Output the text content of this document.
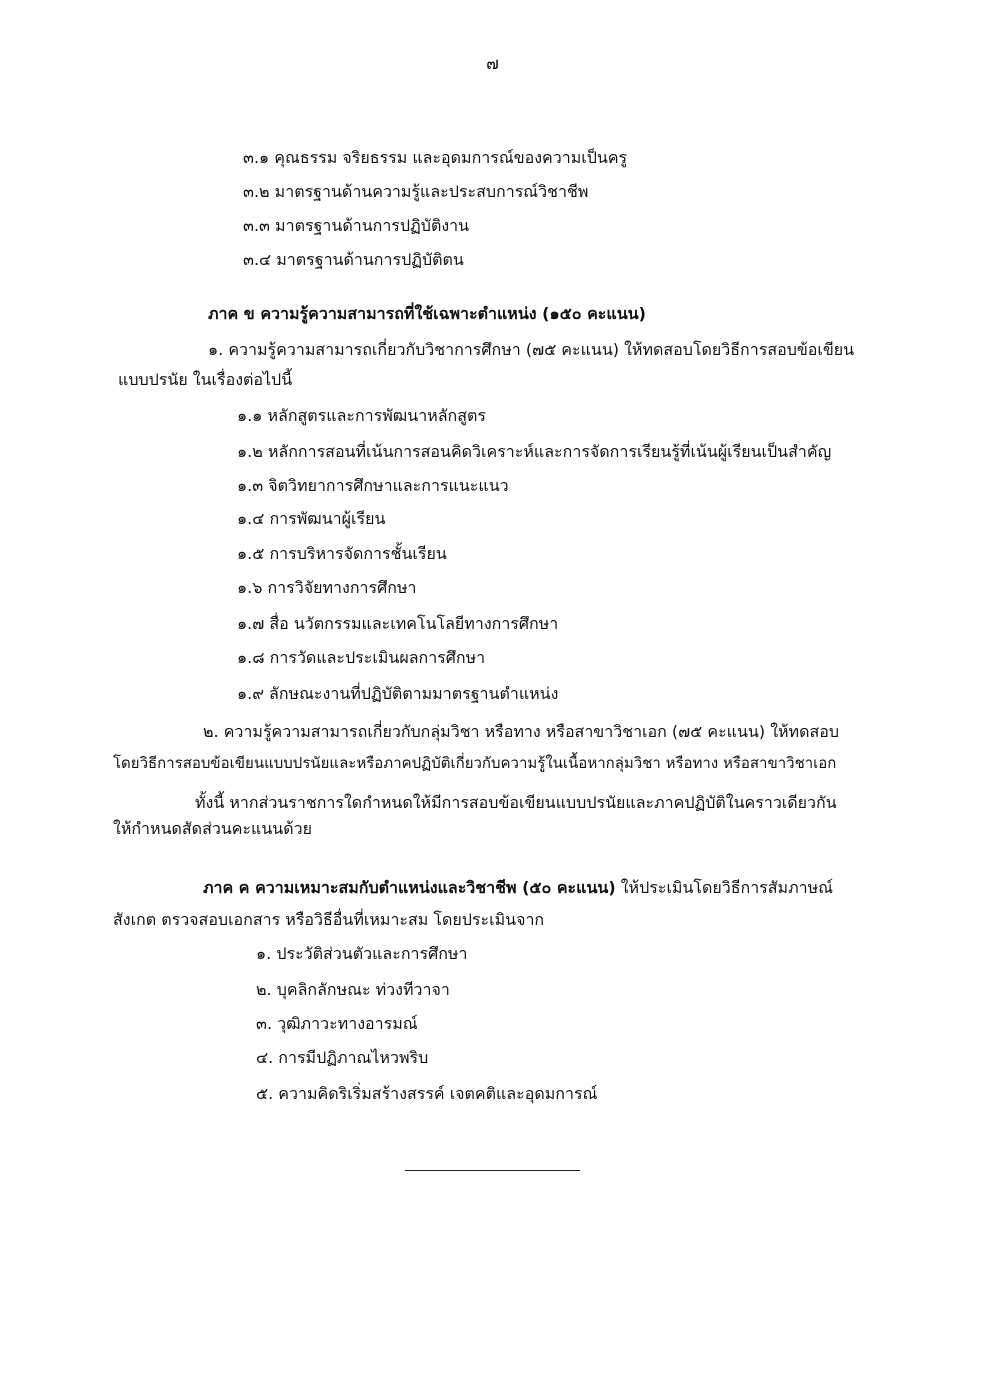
๗
๓.๑ คุณธรรม จริยธรรม และอุดมการณ์ของความเป็นครู
๓.๒ มาตรฐานด้านความรู้และประสบการณ์วิชาชีพ
๓.๓ มาตรฐานด้านการปฏิบัติงาน
๓.๔ มาตรฐานด้านการปฏิบัติตน
ภาค ข ความรู้ความสามารถที่ใช้เฉพาะตำแหน่ง (๑๕๐ คะแนน)
๑. ความรู้ความสามารถเกี่ยวกับวิชาการศึกษา (๗๕ คะแนน) ให้ทดสอบโดยวิธีการสอบข้อเขียน
แบบปรนัย ในเรื่องต่อไปนี้
๑.๑ หลักสูตรและการพัฒนาหลักสูตร
๑.๒ หลักการสอนที่เน้นการสอนคิดวิเคราะห์และการจัดการเรียนรู้ที่เน้นผู้เรียนเป็นสำคัญ
๑.๓ จิตวิทยาการศึกษาและการแนะแนว
๑.๔ การพัฒนาผู้เรียน
๑.๕ การบริหารจัดการชั้นเรียน
๑.๖ การวิจัยทางการศึกษา
๑.๗ สื่อ นวัตกรรมและเทคโนโลยีทางการศึกษา
๑.๘ การวัดและประเมินผลการศึกษา
๑.๙ ลักษณะงานที่ปฏิบัติตามมาตรฐานตำแหน่ง
๒. ความรู้ความสามารถเกี่ยวกับกลุ่มวิชา หรือทาง หรือสาขาวิชาเอก (๗๕ คะแนน) ให้ทดสอบ
โดยวิธีการสอบข้อเขียนแบบปรนัยและหรือภาคปฏิบัติเกี่ยวกับความรู้ในเนื้อหากลุ่มวิชา หรือทาง หรือสาขาวิชาเอก
ทั้งนี้ หากส่วนราชการใดกำหนดให้มีการสอบข้อเขียนแบบปรนัยและภาคปฏิบัติในคราวเดียวกัน
ให้กำหนดสัดส่วนคะแนนด้วย
ภาค ค ความเหมาะสมกับตำแหน่งและวิชาชีพ (๕๐ คะแนน) ให้ประเมินโดยวิธีการสัมภาษณ์
สังเกต ตรวจสอบเอกสาร หรือวิธีอื่นที่เหมาะสม โดยประเมินจาก
๑. ประวัติส่วนตัวและการศึกษา
๒. บุคลิกลักษณะ ท่วงทีวาจา
๓. วุฒิภาวะทางอารมณ์
๔. การมีปฏิภาณไหวพริบ
๕. ความคิดริเริ่มสร้างสรรค์ เจตคติและอุดมการณ์
